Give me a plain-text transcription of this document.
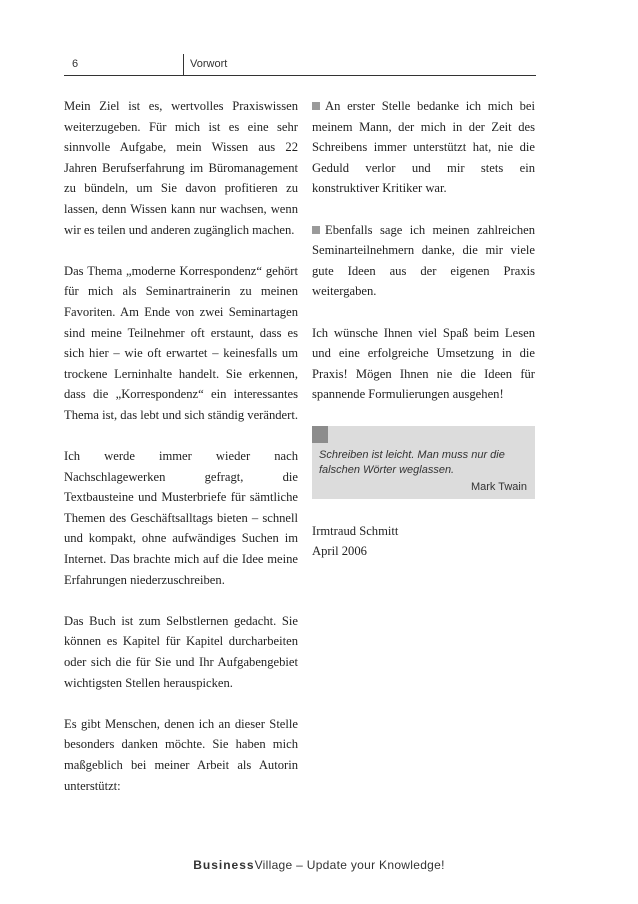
6	Vorwort

Mein Ziel ist es, wertvolles Praxiswissen weiterzugeben. Für mich ist es eine sehr sinnvolle Aufgabe, mein Wissen aus 22 Jahren Berufserfahrung im Büromanagement zu bündeln, um Sie davon profitieren zu lassen, denn Wissen kann nur wachsen, wenn wir es teilen und anderen zugänglich machen.

Das Thema „moderne Korrespondenz“ gehört für mich als Seminartrainerin zu meinen Favoriten. Am Ende von zwei Seminartagen sind meine Teilnehmer oft erstaunt, dass es sich hier – wie oft erwartet – keinesfalls um trockene Lerninhalte handelt. Sie erkennen, dass die „Korrespondenz“ ein interessantes Thema ist, das lebt und sich ständig verändert.

Ich werde immer wieder nach Nachschlagewerken gefragt, die Textbausteine und Musterbriefe für sämtliche Themen des Geschäftsalltags bieten – schnell und kompakt, ohne aufwändiges Suchen im Internet. Das brachte mich auf die Idee meine Erfahrungen niederzuschreiben.

Das Buch ist zum Selbstlernen gedacht. Sie können es Kapitel für Kapitel durcharbeiten oder sich die für Sie und Ihr Aufgabengebiet wichtigsten Stellen herauspicken.

Es gibt Menschen, denen ich an dieser Stelle besonders danken möchte. Sie haben mich maßgeblich bei meiner Arbeit als Autorin unterstützt:

An erster Stelle bedanke ich mich bei meinem Mann, der mich in der Zeit des Schreibens immer unterstützt hat, nie die Geduld verlor und mir stets ein konstruktiver Kritiker war.

Ebenfalls sage ich meinen zahlreichen Seminarteilnehmern danke, die mir viele gute Ideen aus der eigenen Praxis weitergaben.

Ich wünsche Ihnen viel Spaß beim Lesen und eine erfolgreiche Umsetzung in die Praxis! Mögen Ihnen nie die Ideen für spannende Formulierungen ausgehen!

Schreiben ist leicht. Man muss nur die falschen Wörter weglassen.
Mark Twain
Irmtraud Schmitt
April 2006
BusinessVillage – Update your Knowledge!
